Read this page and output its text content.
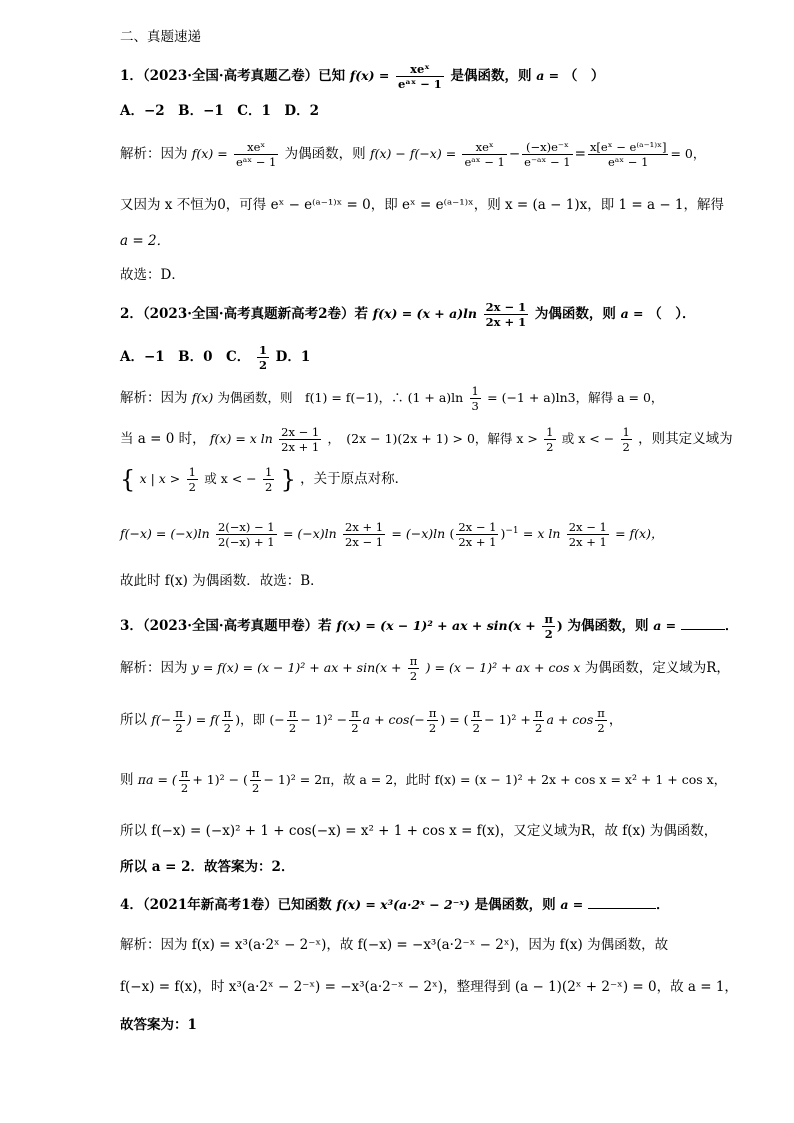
二、真题速递
1．（2023·全国·高考真题乙卷）已知 $f(x) = \frac{\text{xeˣ}}{\text{eᵃˣ − 1}}$ 是偶函数，则 a = （　）
A．−2　B．−1　C．1　D．2
解析：因为 $f(x) = \frac{\text{xeˣ}}{\text{eᵃˣ − 1}}$ 为偶函数，则 $f(x) - f(-x) = \frac{\text{xeˣ}}{\text{eᵃˣ − 1}} - \frac{\text{(−x)e⁻ˣ}}{\text{e⁻ᵃˣ − 1}} = \frac{\text{x[eˣ − e⁽ᵃ⁻¹⁾ˣ]}}{\text{eᵃˣ − 1}} = 0$，
又因为 x 不恒为0，可得 eˣ − e⁽ᵃ⁻¹⁾ˣ = 0，即 eˣ = e⁽ᵃ⁻¹⁾ˣ，则 x = (a − 1)x，即 1 = a − 1，解得
a = 2．
故选：D．
2．（2023·全国·高考真题新高考2卷）若 $f(x) = (x + a)\ln \frac{2x - 1}{2x + 1}$ 为偶函数，则 a = （　）．
A．−1　B．0　C． $\frac{1}{2}$ D．1
解析：因为 f(x) 为偶函数，则　f(1) = f(−1)，∴ $(1 + a)\ln \frac{1}{3} = (-1 + a)\ln 3$，解得 a = 0，
当 a = 0 时， f(x) = x $\ln \frac{2x - 1}{2x + 1}$ ，　(2x − 1)(2x + 1) > 0，解得 $x > \frac{1}{2}$ 或 x < − $\frac{1}{2}$ ，则其定义域为
{ x | $x > \frac{1}{2}$ 或 x < − $\frac{1}{2}$ } ，关于原点对称．
$f(-x) = (-x)\ln \frac{2(-x) - 1}{2(-x) + 1} = (-x)\ln \frac{2x + 1}{2x - 1} = (-x)\ln$ ( $\frac{2x - 1}{2x + 1} )^{-1} = x$ $\ln \frac{2x - 1}{2x + 1} = f(x)$，
故此时 f(x) 为偶函数．故选：B．
3．（2023·全国·高考真题甲卷）若 f(x) = (x − 1)² + ax + $\sin(x + \frac{\pi}{2}$ ) 为偶函数，则 a =	．
解析：因为 y = f(x) = (x − 1)² + ax + $\sin(x + \frac{\pi}{2}$ ) = (x − 1)² + ax + cos x 为偶函数，定义域为R，
所以 $f(- \frac{\pi}{2}$ ) = $f( \frac{\pi}{2}$ )，即 (− $\frac{\pi}{2} - 1)^2 - \frac{\pi}{2}$ $a + \cos(- \frac{\pi}{2}$ ) = ( $\frac{\pi}{2} - 1)^2 + \frac{\pi}{2}$ $a + \cos \frac{\pi}{2}$ ，
则 πa = ( $\frac{\pi}{2} + 1)^2$ − ( $\frac{\pi}{2} - 1)^2 = 2\pi$，故 a = 2，此时 f(x) = (x − 1)² + 2x + cos x = x² + 1 + cos x，
所以 f(−x) = (−x)² + 1 + cos(−x) = x² + 1 + cos x = f(x)，又定义域为R，故 f(x) 为偶函数，
所以 a = 2．故答案为：2．
4．（2021年新高考1卷）已知函数 f(x) = x³(a·2ˣ − 2⁻ˣ) 是偶函数，则 a =	．
解析：因为 f(x) = x³(a·2ˣ − 2⁻ˣ)，故 f(−x) = −x³(a·2⁻ˣ − 2ˣ)，因为 f(x) 为偶函数，故
f(−x) = f(x)，时 x³(a·2ˣ − 2⁻ˣ) = −x³(a·2⁻ˣ − 2ˣ)，整理得到 (a − 1)(2ˣ + 2⁻ˣ) = 0，故 a = 1，
故答案为：1
